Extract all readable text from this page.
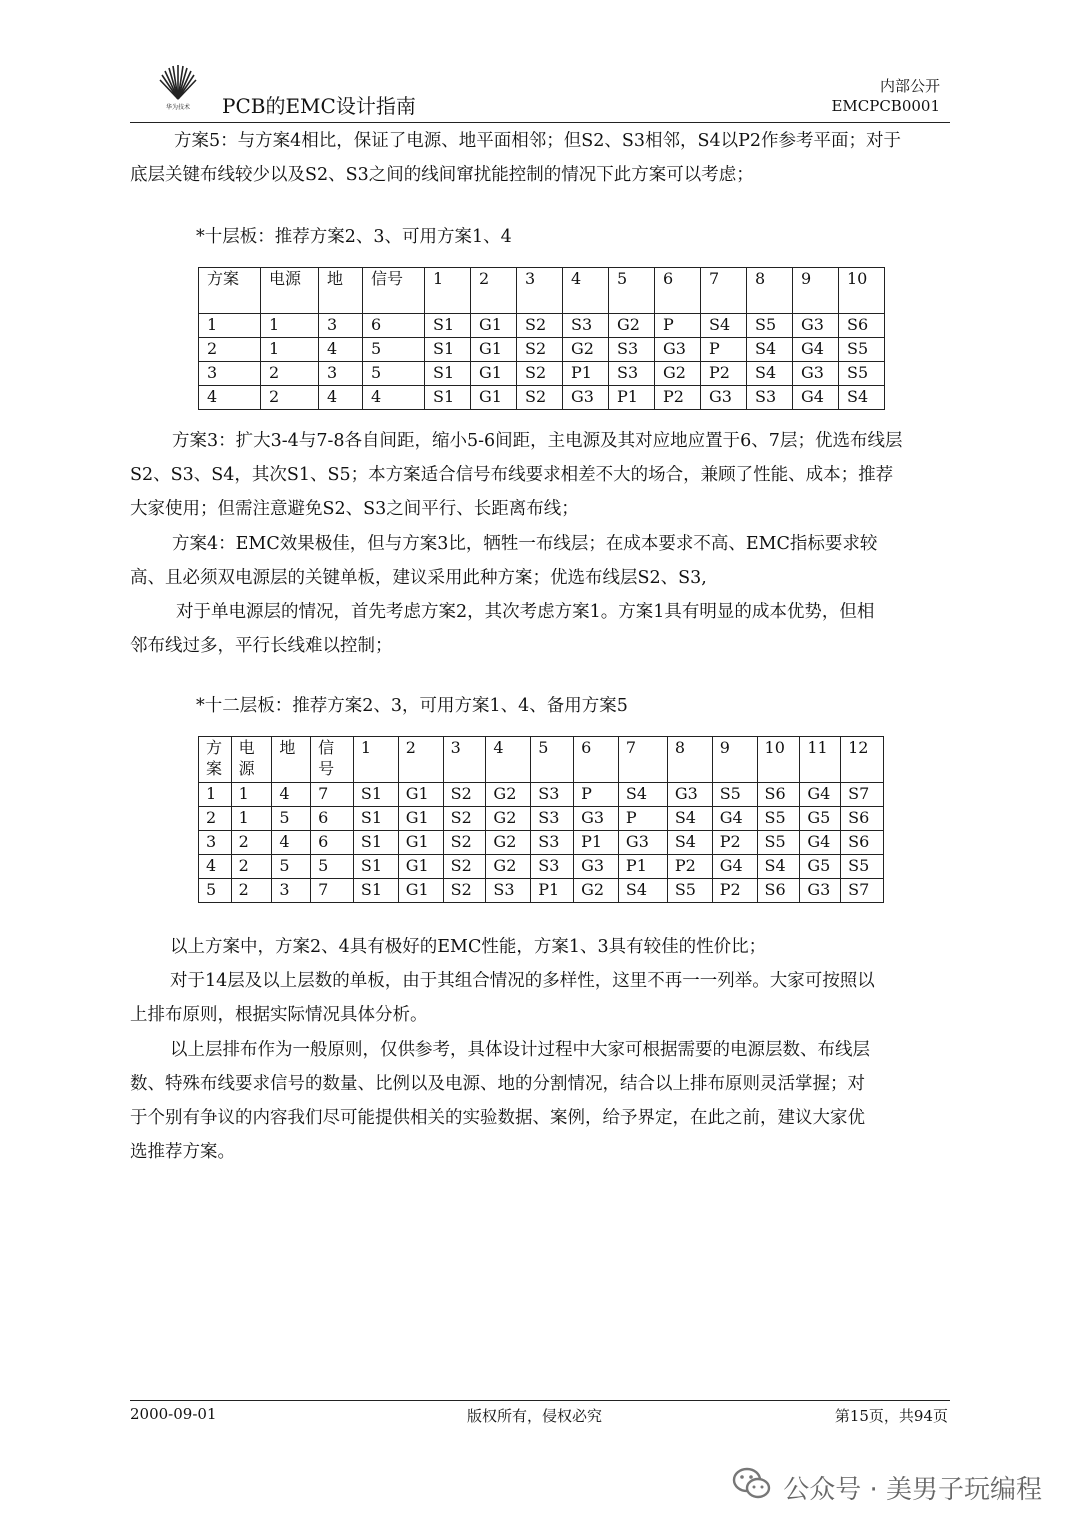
华为技术 PCB的EMC设计指南
内部公开
EMCPCB0001

方案5：与方案4相比，保证了电源、地平面相邻；但S2、S3相邻，S4以P2作参考平面；对于
底层关键布线较少以及S2、S3之间的线间窜扰能控制的情况下此方案可以考虑；

*十层板：推荐方案2、3、可用方案1、4
方案	电源	地	信号	1	2	3	4	5	6	7	8	9	10
1	1	3	6	S1	G1	S2	S3	G2	P	S4	S5	G3	S6
2	1	4	5	S1	G1	S2	G2	S3	G3	P	S4	G4	S5
3	2	3	5	S1	G1	S2	P1	S3	G2	P2	S4	G3	S5
4	2	4	4	S1	G1	S2	G3	P1	P2	G3	S3	G4	S4

方案3：扩大3-4与7-8各自间距，缩小5-6间距，主电源及其对应地应置于6、7层；优选布线层
S2、S3、S4，其次S1、S5；本方案适合信号布线要求相差不大的场合，兼顾了性能、成本；推荐
大家使用；但需注意避免S2、S3之间平行、长距离布线；

方案4：EMC效果极佳，但与方案3比，牺牲一布线层；在成本要求不高、EMC指标要求较
高、且必须双电源层的关键单板，建议采用此种方案；优选布线层S2、S3,

对于单电源层的情况，首先考虑方案2，其次考虑方案1。方案1具有明显的成本优势，但相
邻布线过多，平行长线难以控制；

*十二层板：推荐方案2、3，可用方案1、4、备用方案5
方案	电源	地	信号	1	2	3	4	5	6	7	8	9	10	11	12
1	1	4	7	S1	G1	S2	G2	S3	P	S4	G3	S5	S6	G4	S7
2	1	5	6	S1	G1	S2	G2	S3	G3	P	S4	G4	S5	G5	S6
3	2	4	6	S1	G1	S2	G2	S3	P1	G3	S4	P2	S5	G4	S6
4	2	5	5	S1	G1	S2	G2	S3	G3	P1	P2	G4	S4	G5	S5
5	2	3	7	S1	G1	S2	S3	P1	G2	S4	S5	P2	S6	G3	S7

以上方案中，方案2、4具有极好的EMC性能，方案1、3具有较佳的性价比；

对于14层及以上层数的单板，由于其组合情况的多样性，这里不再一一列举。大家可按照以
上排布原则，根据实际情况具体分析。

以上层排布作为一般原则，仅供参考，具体设计过程中大家可根据需要的电源层数、布线层
数、特殊布线要求信号的数量、比例以及电源、地的分割情况，结合以上排布原则灵活掌握；对
于个别有争议的内容我们尽可能提供相关的实验数据、案例，给予界定，在此之前，建议大家优
选推荐方案。

2000-09-01	版权所有，侵权必究	第15页，共94页
公众号 · 美男子玩编程
